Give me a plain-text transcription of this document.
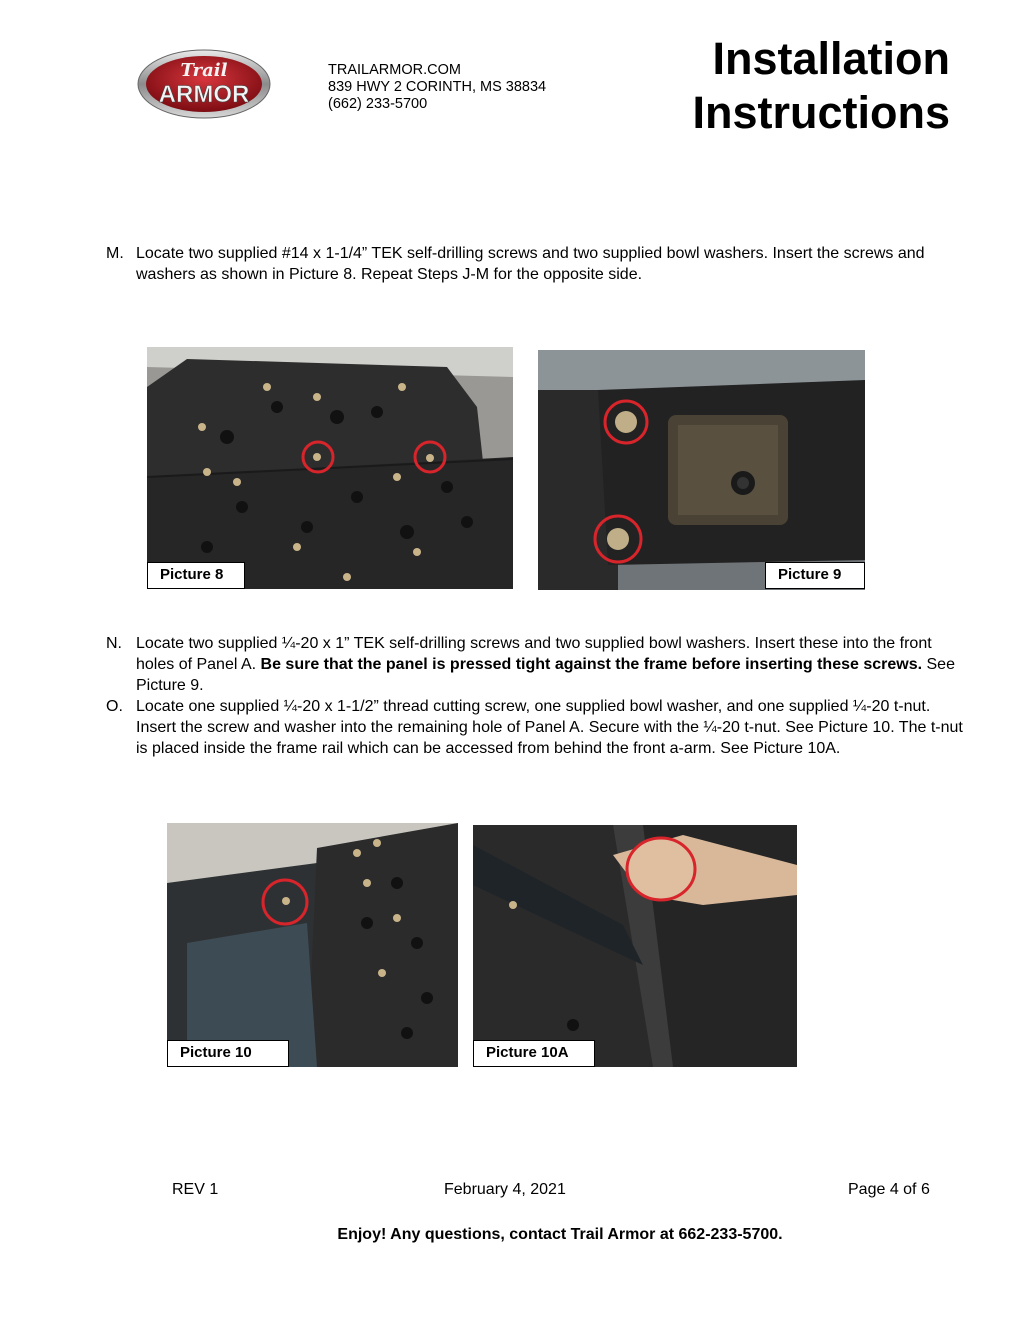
Trail
ARMOR
TRAILARMOR.COM
839 HWY 2 CORINTH, MS 38834
(662) 233-5700
Installation
Instructions
M. Locate two supplied #14 x 1-1/4” TEK self-drilling screws and two supplied bowl washers. Insert the screws and washers as shown in Picture 8. Repeat Steps J-M for the opposite side.
Picture 8	Picture 9
N. Locate two supplied ¼-20 x 1” TEK self-drilling screws and two supplied bowl washers. Insert these into the front holes of Panel A. Be sure that the panel is pressed tight against the frame before inserting these screws. See Picture 9.
O. Locate one supplied ¼-20 x 1-1/2” thread cutting screw, one supplied bowl washer, and one supplied ¼-20 t-nut. Insert the screw and washer into the remaining hole of Panel A. Secure with the ¼-20 t-nut. See Picture 10. The t-nut is placed inside the frame rail which can be accessed from behind the front a-arm. See Picture 10A.
Picture 10	Picture 10A
REV 1	February 4, 2021	Page 4 of 6
Enjoy! Any questions, contact Trail Armor at 662-233-5700.
